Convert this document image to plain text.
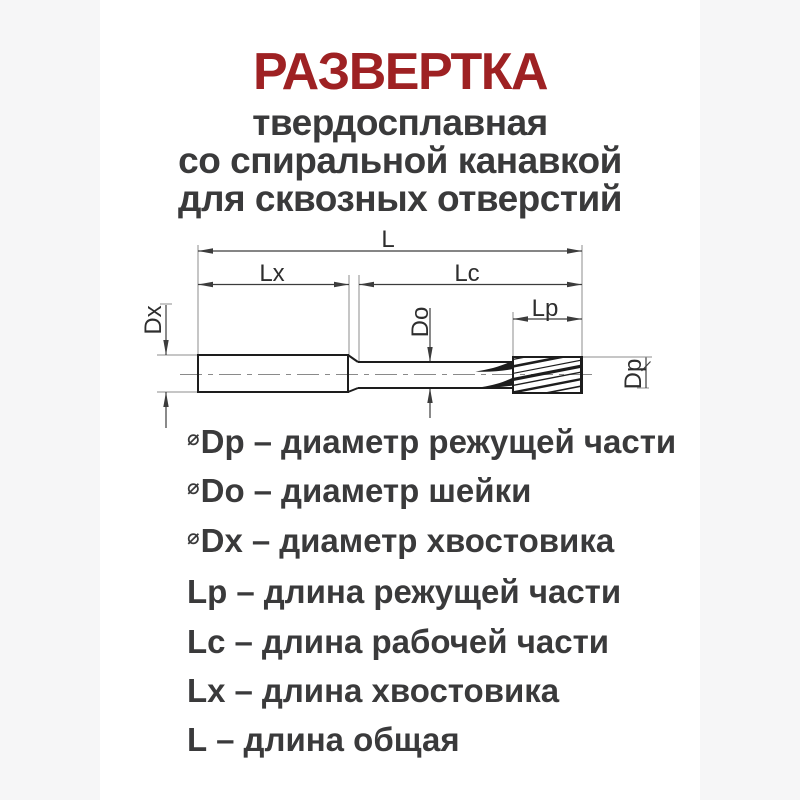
РАЗВЕРТКА
твердосплавная
со спиральной канавкой
для сквозных отверстий
L
Lx	Lc
Lp
Do
Dx
Dp
⌀Dp – диаметр режущей части
⌀Do – диаметр шейки
⌀Dx – диаметр хвостовика
Lp – длина режущей части
Lc – длина рабочей части
Lx – длина хвостовика
L – длина общая
